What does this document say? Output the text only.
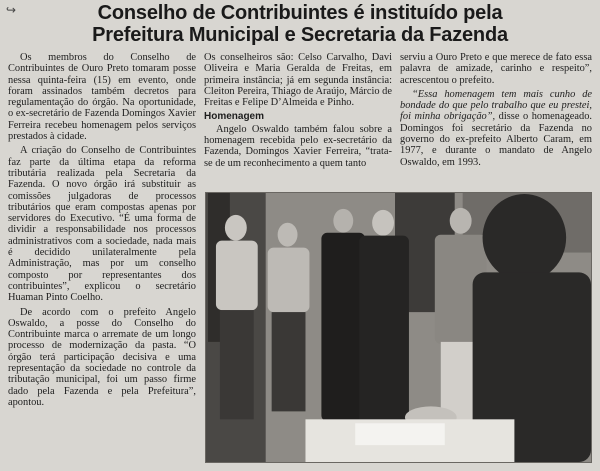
↪	Conselho de Contribuintes é instituído pela
Prefeitura Municipal e Secretaria da Fazenda

Os membros do Conselho de Contribuintes de Ouro Preto tomaram posse nessa quinta-feira (15) em evento, onde foram assinados também decretos para regulamentação do órgão. Na oportunidade, o ex-secretário de Fazenda Domingos Xavier Ferreira recebeu homenagem pelos serviços prestados à cidade.

A criação do Conselho de Contribuintes faz parte da última etapa da reforma tributária realizada pela Secretaria da Fazenda. O novo órgão irá substituir as comissões julgadoras de processos tributários que eram compostas apenas por servidores do Executivo. “É uma forma de dividir a responsabilidade nos processos administrativos com a sociedade, nada mais é decidido unilateralmente pela Administração, mas por um conselho composto por representantes dos contribuintes”, explicou o secretário Huaman Pinto Coelho.

De acordo com o prefeito Angelo Oswaldo, a posse do Conselho do Contribuinte marca o arremate de um longo processo de modernização da pasta. “O órgão terá participação decisiva e uma representação da sociedade no controle da tributação municipal, foi um passo firme dado pela Fazenda e pela Prefeitura”, apontou.

Os conselheiros são: Celso Carvalho, Davi Oliveira e Maria Geralda de Freitas, em primeira instância; já em segunda instância: Cleiton Pereira, Thiago de Araújo, Márcio de Freitas e Felipe D’Almeida e Pinho.

Homenagem

Angelo Oswaldo também falou sobre a homenagem recebida pelo ex-secretário da Fazenda, Domingos Xavier Ferreira, “trata-se de um reconhecimento a quem tanto

serviu a Ouro Preto e que merece de fato essa palavra de amizade, carinho e respeito”, acrescentou o prefeito.

“Essa homenagem tem mais cunho de bondade do que pelo trabalho que eu prestei, foi minha obrigação”, disse o homenageado. Domingos foi secretário da Fazenda no governo do ex-prefeito Alberto Caram, em 1977, e durante o mandato de Angelo Oswaldo, em 1993.
